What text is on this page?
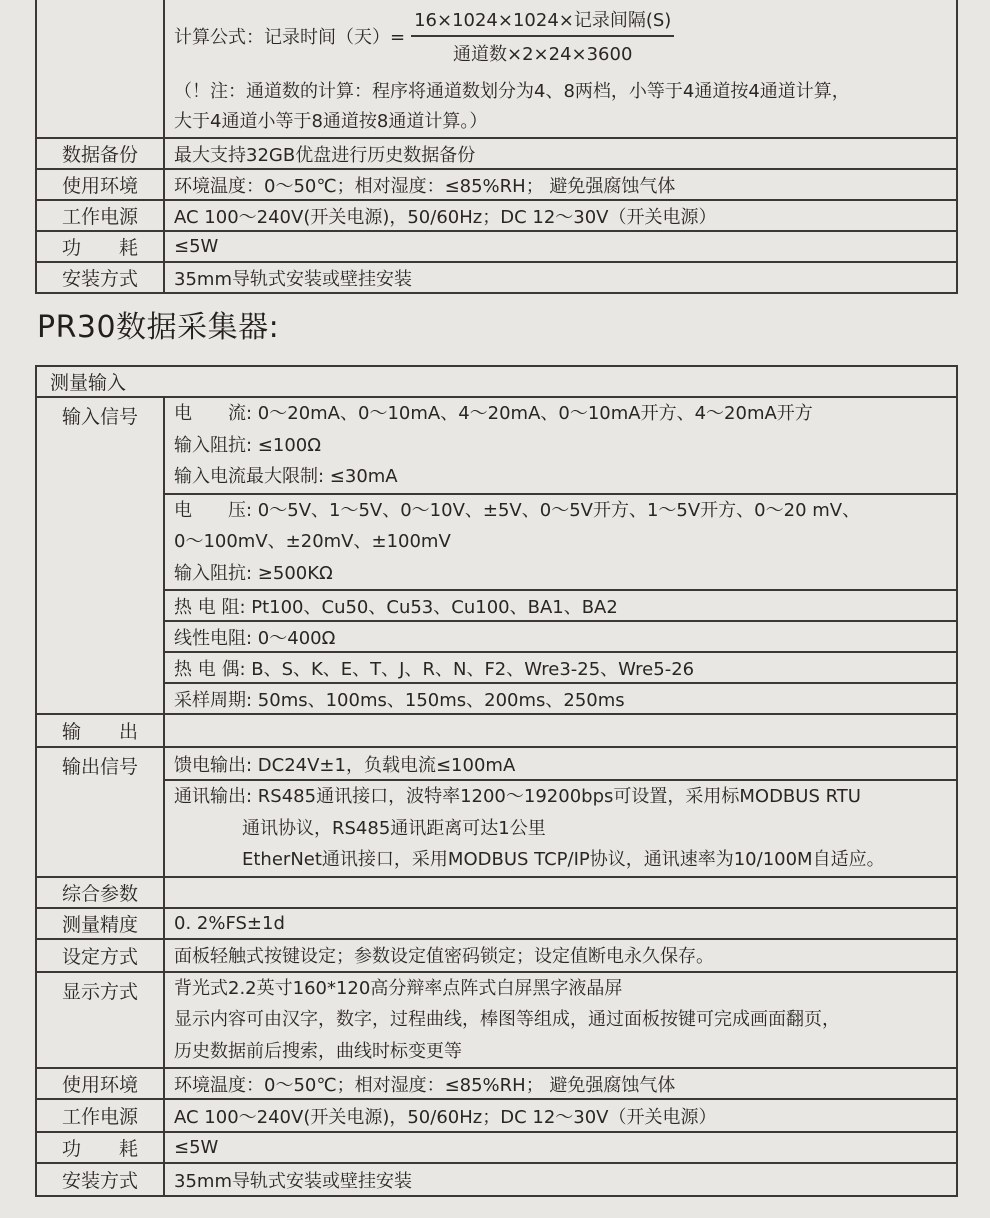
	计算公式：记录时间（天）= $\frac{\text{16×1024×1024×记录间隔(S)}}{\text{通道数×2×24×3600}}$
（！注：通道数的计算：程序将通道数划分为4、8两档，小等于4通道按4通道计算，
大于4通道小等于8通道按8通道计算。）

数据备份	最大支持32GB优盘进行历史数据备份
使用环境	环境温度：0～50℃；相对湿度：≤85%RH； 避免强腐蚀气体
工作电源	AC 100～240V(开关电源)，50/60Hz；DC 12～30V（开关电源）
功　　耗	≤5W
安装方式	35mm导轨式安装或壁挂安装
PR30数据采集器:
测量输入	
输入信号	电　　流: 0～20mA、0～10mA、4～20mA、0～10mA开方、4～20mA开方
输入阻抗: ≤100Ω
输入电流最大限制: ≤30mA

	电　　压: 0～5V、1～5V、0～10V、±5V、0～5V开方、1～5V开方、0～20 mV、
0～100mV、±20mV、±100mV
输入阻抗: ≥500KΩ

	热 电 阻: Pt100、Cu50、Cu53、Cu100、BA1、BA2
	线性电阻: 0～400Ω
	热 电 偶: B、S、K、E、T、J、R、N、F2、Wre3-25、Wre5-26
	采样周期: 50ms、100ms、150ms、200ms、250ms
输　　出	
输出信号	馈电输出: DC24V±1，负载电流≤100mA

	通讯输出: RS485通讯接口，波特率1200～19200bps可设置，采用标MODBUS RTU
通讯协议，RS485通讯距离可达1公里
EtherNet通讯接口，采用MODBUS TCP/IP协议，通讯速率为10/100M自适应。

综合参数	
测量精度	0. 2%FS±1d
设定方式	面板轻触式按键设定；参数设定值密码锁定；设定值断电永久保存。
显示方式	背光式2.2英寸160*120高分辩率点阵式白屏黑字液晶屏
显示内容可由汉字，数字，过程曲线，棒图等组成，通过面板按键可完成画面翻页，
历史数据前后搜索，曲线时标变更等

使用环境	环境温度：0～50℃；相对湿度：≤85%RH； 避免强腐蚀气体
工作电源	AC 100～240V(开关电源)，50/60Hz；DC 12～30V（开关电源）
功　　耗	≤5W
安装方式	35mm导轨式安装或壁挂安装
